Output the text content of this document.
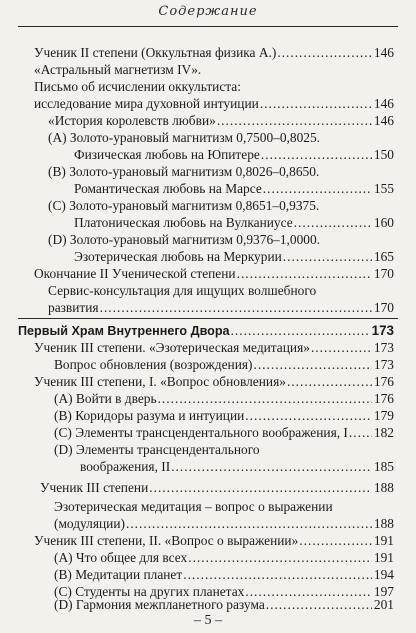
Содержание
Ученик II степени (Оккультная физика А.) .....	146
«Астральный магнетизм IV».
Письмо об исчислении оккультиста:
исследование мира духовной интуиции .....	146
«История королевств любви» .....	146
(A) Золото-урановый магнитизм 0,7500–0,8025.
Физическая любовь на Юпитере .....	150
(B) Золото-урановый магнитизм 0,8026–0,8650.
Романтическая любовь на Марсе .....	155
(C) Золото-урановый магнитизм 0,8651–0,9375.
Платоническая любовь на Вулканиусе .....	160
(D) Золото-урановый магнитизм 0,9376–1,0000.
Эзотерическая любовь на Меркурии .....	165
Окончание II Ученической степени .....	170
Сервис-консультация для ищущих волшебного
развития .....	170
Первый Храм Внутреннего Двора .....	173
Ученик III степени. «Эзотерическая медитация» .....	173
Вопрос обновления (возрождения) .....	173
Ученик III степени, I. «Вопрос обновления» .....	176
(A) Войти в дверь .....	176
(B) Коридоры разума и интуиции .....	179
(C) Элементы трансцендентального воображения, I ..... 182
(D) Элементы трансцендентального
воображения, II .....	185
Ученик III степени .....	188
Эзотерическая медитация – вопрос о выражении
(модуляции) .....	188
Ученик III степени, II. «Вопрос о выражении» .....	191
(A) Что общее для всех .....	191
(B) Медитации планет .....	194
(C) Студенты на других планетах .....	197
(D) Гармония межпланетного разума .....	201
– 5 –
